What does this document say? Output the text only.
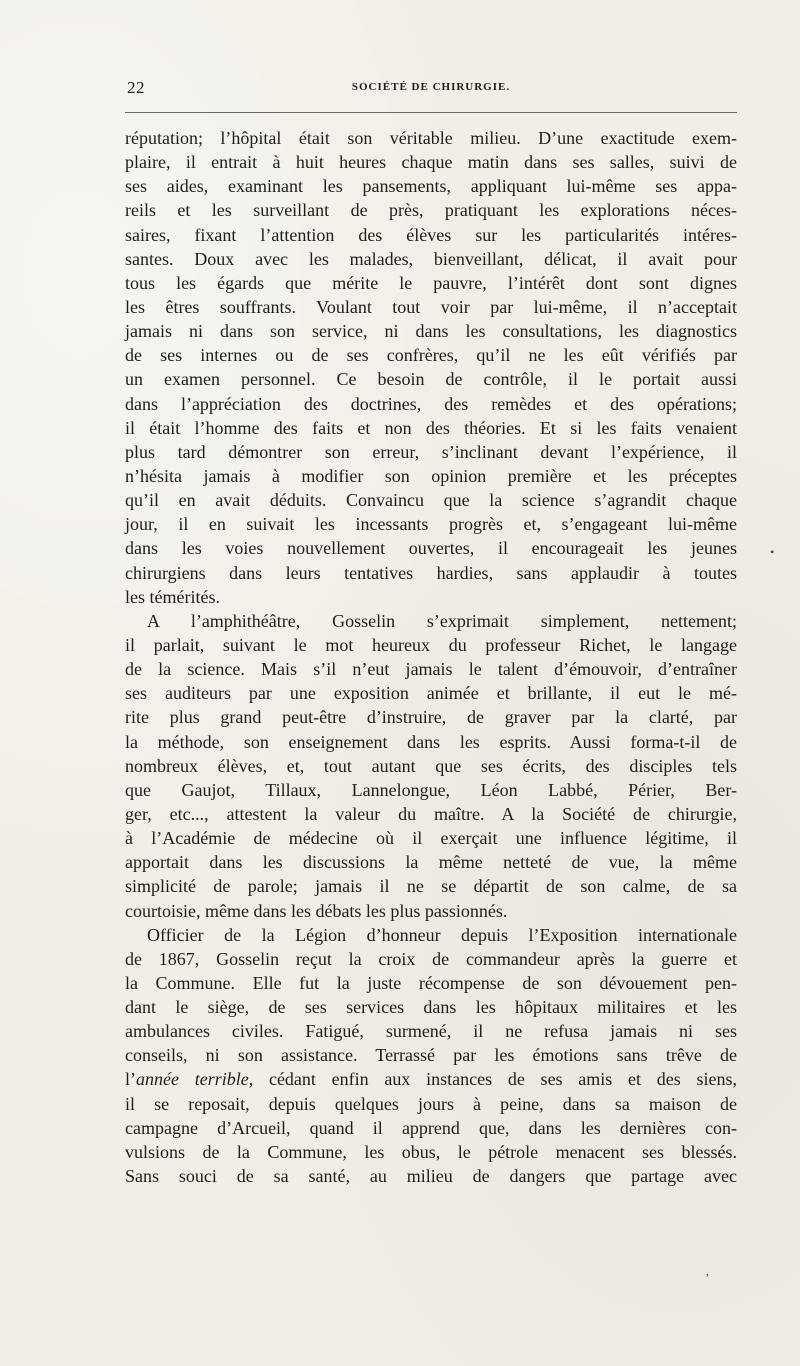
22	SOCIÉTÉ DE CHIRURGIE.
réputation; l’hôpital était son véritable milieu. D’une exactitude exem-
plaire, il entrait à huit heures chaque matin dans ses salles, suivi de
ses aides, examinant les pansements, appliquant lui-même ses appa-
reils et les surveillant de près, pratiquant les explorations néces-
saires, fixant l’attention des élèves sur les particularités intéres-
santes. Doux avec les malades, bienveillant, délicat, il avait pour
tous les égards que mérite le pauvre, l’intérêt dont sont dignes
les êtres souffrants. Voulant tout voir par lui-même, il n’acceptait
jamais ni dans son service, ni dans les consultations, les diagnostics
de ses internes ou de ses confrères, qu’il ne les eût vérifiés par
un examen personnel. Ce besoin de contrôle, il le portait aussi
dans l’appréciation des doctrines, des remèdes et des opérations;
il était l’homme des faits et non des théories. Et si les faits venaient
plus tard démontrer son erreur, s’inclinant devant l’expérience, il
n’hésita jamais à modifier son opinion première et les préceptes
qu’il en avait déduits. Convaincu que la science s’agrandit chaque
jour, il en suivait les incessants progrès et, s’engageant lui-même
dans les voies nouvellement ouvertes, il encourageait les jeunes
chirurgiens dans leurs tentatives hardies, sans applaudir à toutes
les témérités.
A l’amphithéâtre, Gosselin s’exprimait simplement, nettement;
il parlait, suivant le mot heureux du professeur Richet, le langage
de la science. Mais s’il n’eut jamais le talent d’émouvoir, d’entraîner
ses auditeurs par une exposition animée et brillante, il eut le mé-
rite plus grand peut-être d’instruire, de graver par la clarté, par
la méthode, son enseignement dans les esprits. Aussi forma-t-il de
nombreux élèves, et, tout autant que ses écrits, des disciples tels
que Gaujot, Tillaux, Lannelongue, Léon Labbé, Périer, Ber-
ger, etc..., attestent la valeur du maître. A la Société de chirurgie,
à l’Académie de médecine où il exerçait une influence légitime, il
apportait dans les discussions la même netteté de vue, la même
simplicité de parole; jamais il ne se départit de son calme, de sa
courtoisie, même dans les débats les plus passionnés.
Officier de la Légion d’honneur depuis l’Exposition internationale
de 1867, Gosselin reçut la croix de commandeur après la guerre et
la Commune. Elle fut la juste récompense de son dévouement pen-
dant le siège, de ses services dans les hôpitaux militaires et les
ambulances civiles. Fatigué, surmené, il ne refusa jamais ni ses
conseils, ni son assistance. Terrassé par les émotions sans trêve de
l’année terrible, cédant enfin aux instances de ses amis et des siens,
il se reposait, depuis quelques jours à peine, dans sa maison de
campagne d’Arcueil, quand il apprend que, dans les dernières con-
vulsions de la Commune, les obus, le pétrole menacent ses blessés.
Sans souci de sa santé, au milieu de dangers que partage avec
•
,
